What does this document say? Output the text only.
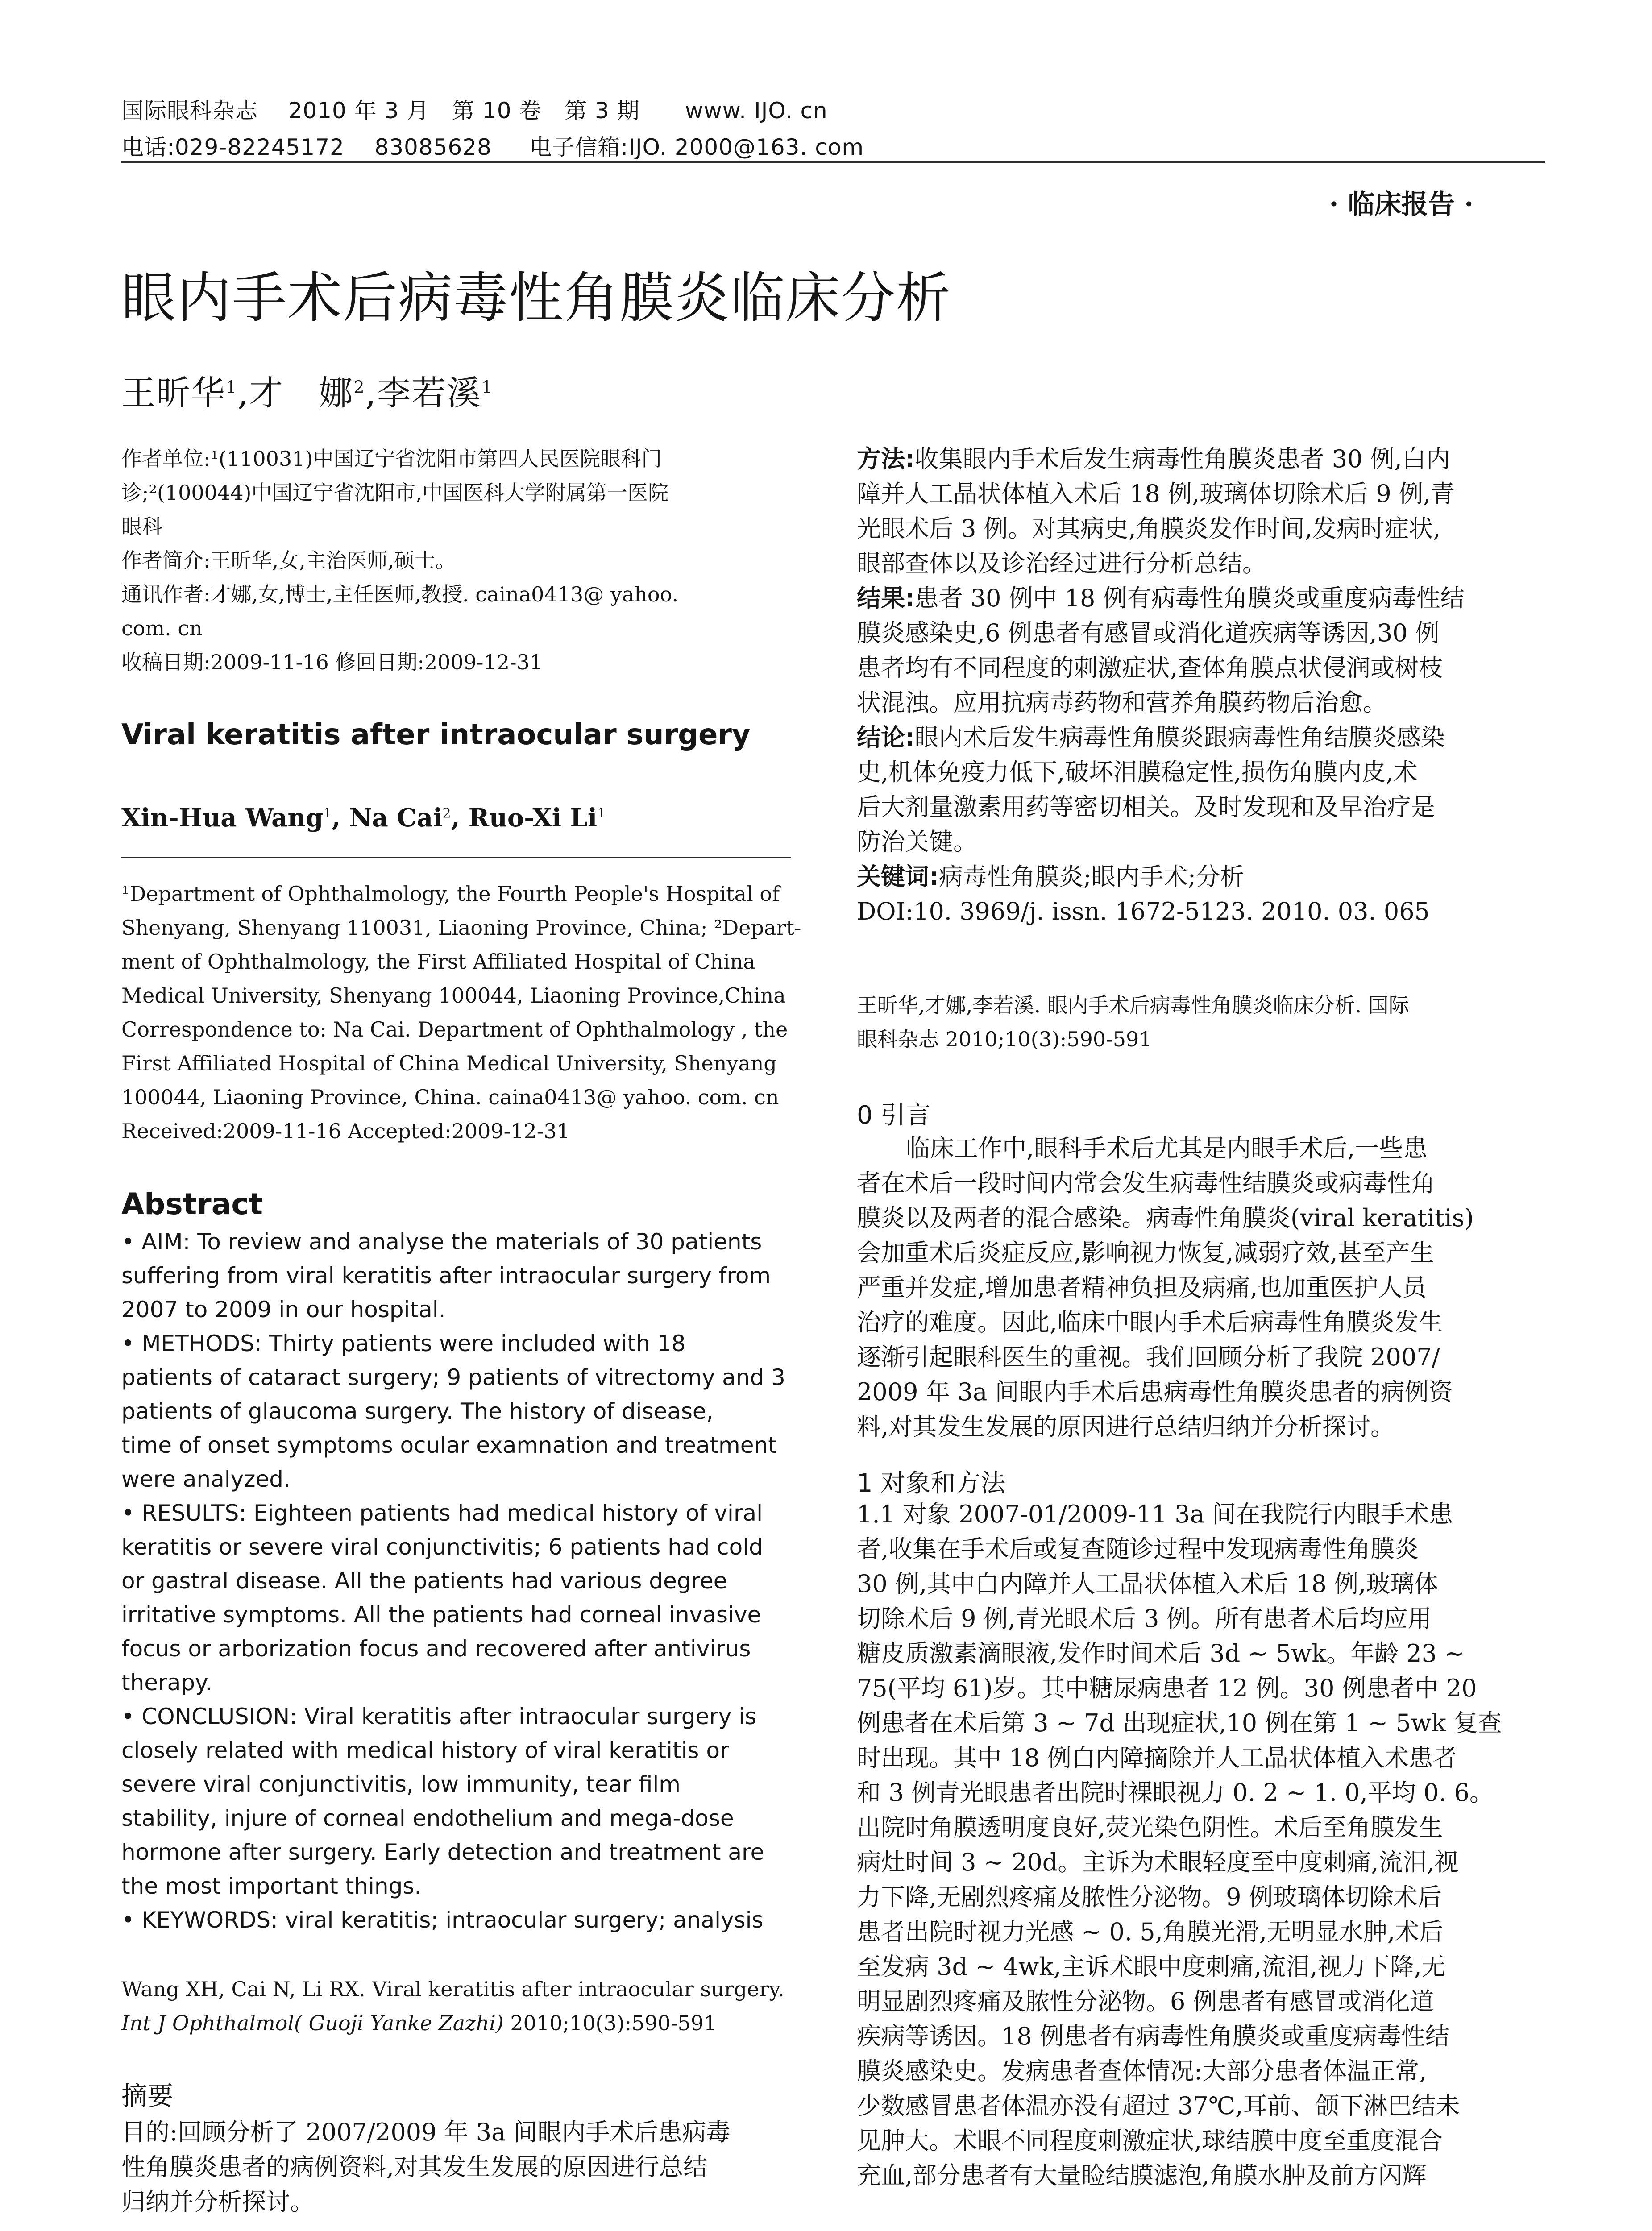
国际眼科杂志    2010 年 3 月   第 10 卷   第 3 期      www. IJO. cn
电话:029-82245172    83085628     电子信箱:IJO. 2000@163. com
· 临床报告 ·
眼内手术后病毒性角膜炎临床分析
王昕华$^1$,才　娜$^2$,李若溪$^1$
作者单位:¹(110031)中国辽宁省沈阳市第四人民医院眼科门
诊;²(100044)中国辽宁省沈阳市,中国医科大学附属第一医院
眼科
作者简介:王昕华,女,主治医师,硕士。
通讯作者:才娜,女,博士,主任医师,教授. caina0413@ yahoo.
com. cn
收稿日期:2009-11-16 修回日期:2009-12-31
Viral keratitis after intraocular surgery
Xin-Hua Wang$^1$, Na Cai$^2$, Ruo-Xi Li$^1$
¹Department of Ophthalmology, the Fourth People's Hospital of
Shenyang, Shenyang 110031, Liaoning Province, China; ²Depart-
ment of Ophthalmology, the First Affiliated Hospital of China
Medical University, Shenyang 100044, Liaoning Province,China
Correspondence to: Na Cai. Department of Ophthalmology , the
First Affiliated Hospital of China Medical University, Shenyang
100044, Liaoning Province, China. caina0413@ yahoo. com. cn
Received:2009-11-16 Accepted:2009-12-31
Abstract
• AIM: To review and analyse the materials of 30 patients
suffering from viral keratitis after intraocular surgery from
2007 to 2009 in our hospital.
• METHODS: Thirty patients were included with 18
patients of cataract surgery; 9 patients of vitrectomy and 3
patients of glaucoma surgery. The history of disease,
time of onset symptoms ocular examnation and treatment
were analyzed.
• RESULTS: Eighteen patients had medical history of viral
keratitis or severe viral conjunctivitis; 6 patients had cold
or gastral disease. All the patients had various degree
irritative symptoms. All the patients had corneal invasive
focus or arborization focus and recovered after antivirus
therapy.
• CONCLUSION: Viral keratitis after intraocular surgery is
closely related with medical history of viral keratitis or
severe viral conjunctivitis, low immunity, tear film
stability, injure of corneal endothelium and mega-dose
hormone after surgery. Early detection and treatment are
the most important things.
• KEYWORDS: viral keratitis; intraocular surgery; analysis
Wang XH, Cai N, Li RX. Viral keratitis after intraocular surgery.
Int J Ophthalmol( Guoji Yanke Zazhi) 2010;10(3):590-591
摘要
目的:回顾分析了 2007/2009 年 3a 间眼内手术后患病毒
性角膜炎患者的病例资料,对其发生发展的原因进行总结
归纳并分析探讨。
方法:收集眼内手术后发生病毒性角膜炎患者 30 例,白内
障并人工晶状体植入术后 18 例,玻璃体切除术后 9 例,青
光眼术后 3 例。对其病史,角膜炎发作时间,发病时症状,
眼部查体以及诊治经过进行分析总结。
结果:患者 30 例中 18 例有病毒性角膜炎或重度病毒性结
膜炎感染史,6 例患者有感冒或消化道疾病等诱因,30 例
患者均有不同程度的刺激症状,查体角膜点状侵润或树枝
状混浊。应用抗病毒药物和营养角膜药物后治愈。
结论:眼内术后发生病毒性角膜炎跟病毒性角结膜炎感染
史,机体免疫力低下,破坏泪膜稳定性,损伤角膜内皮,术
后大剂量激素用药等密切相关。及时发现和及早治疗是
防治关键。
关键词:病毒性角膜炎;眼内手术;分析
DOI:10. 3969/j. issn. 1672-5123. 2010. 03. 065
王昕华,才娜,李若溪. 眼内手术后病毒性角膜炎临床分析. 国际
眼科杂志 2010;10(3):590-591
0 引言
临床工作中,眼科手术后尤其是内眼手术后,一些患
者在术后一段时间内常会发生病毒性结膜炎或病毒性角
膜炎以及两者的混合感染。病毒性角膜炎(viral keratitis)
会加重术后炎症反应,影响视力恢复,减弱疗效,甚至产生
严重并发症,增加患者精神负担及病痛,也加重医护人员
治疗的难度。因此,临床中眼内手术后病毒性角膜炎发生
逐渐引起眼科医生的重视。我们回顾分析了我院 2007/
2009 年 3a 间眼内手术后患病毒性角膜炎患者的病例资
料,对其发生发展的原因进行总结归纳并分析探讨。
1 对象和方法
1.1 对象 2007-01/2009-11 3a 间在我院行内眼手术患
者,收集在手术后或复查随诊过程中发现病毒性角膜炎
30 例,其中白内障并人工晶状体植入术后 18 例,玻璃体
切除术后 9 例,青光眼术后 3 例。所有患者术后均应用
糖皮质激素滴眼液,发作时间术后 3d ~ 5wk。年龄 23 ~
75(平均 61)岁。其中糖尿病患者 12 例。30 例患者中 20
例患者在术后第 3 ~ 7d 出现症状,10 例在第 1 ~ 5wk 复查
时出现。其中 18 例白内障摘除并人工晶状体植入术患者
和 3 例青光眼患者出院时裸眼视力 0. 2 ~ 1. 0,平均 0. 6。
出院时角膜透明度良好,荧光染色阴性。术后至角膜发生
病灶时间 3 ~ 20d。主诉为术眼轻度至中度刺痛,流泪,视
力下降,无剧烈疼痛及脓性分泌物。9 例玻璃体切除术后
患者出院时视力光感 ~ 0. 5,角膜光滑,无明显水肿,术后
至发病 3d ~ 4wk,主诉术眼中度刺痛,流泪,视力下降,无
明显剧烈疼痛及脓性分泌物。6 例患者有感冒或消化道
疾病等诱因。18 例患者有病毒性角膜炎或重度病毒性结
膜炎感染史。发病患者查体情况:大部分患者体温正常,
少数感冒患者体温亦没有超过 37℃,耳前、颌下淋巴结未
见肿大。术眼不同程度刺激症状,球结膜中度至重度混合
充血,部分患者有大量睑结膜滤泡,角膜水肿及前方闪辉
